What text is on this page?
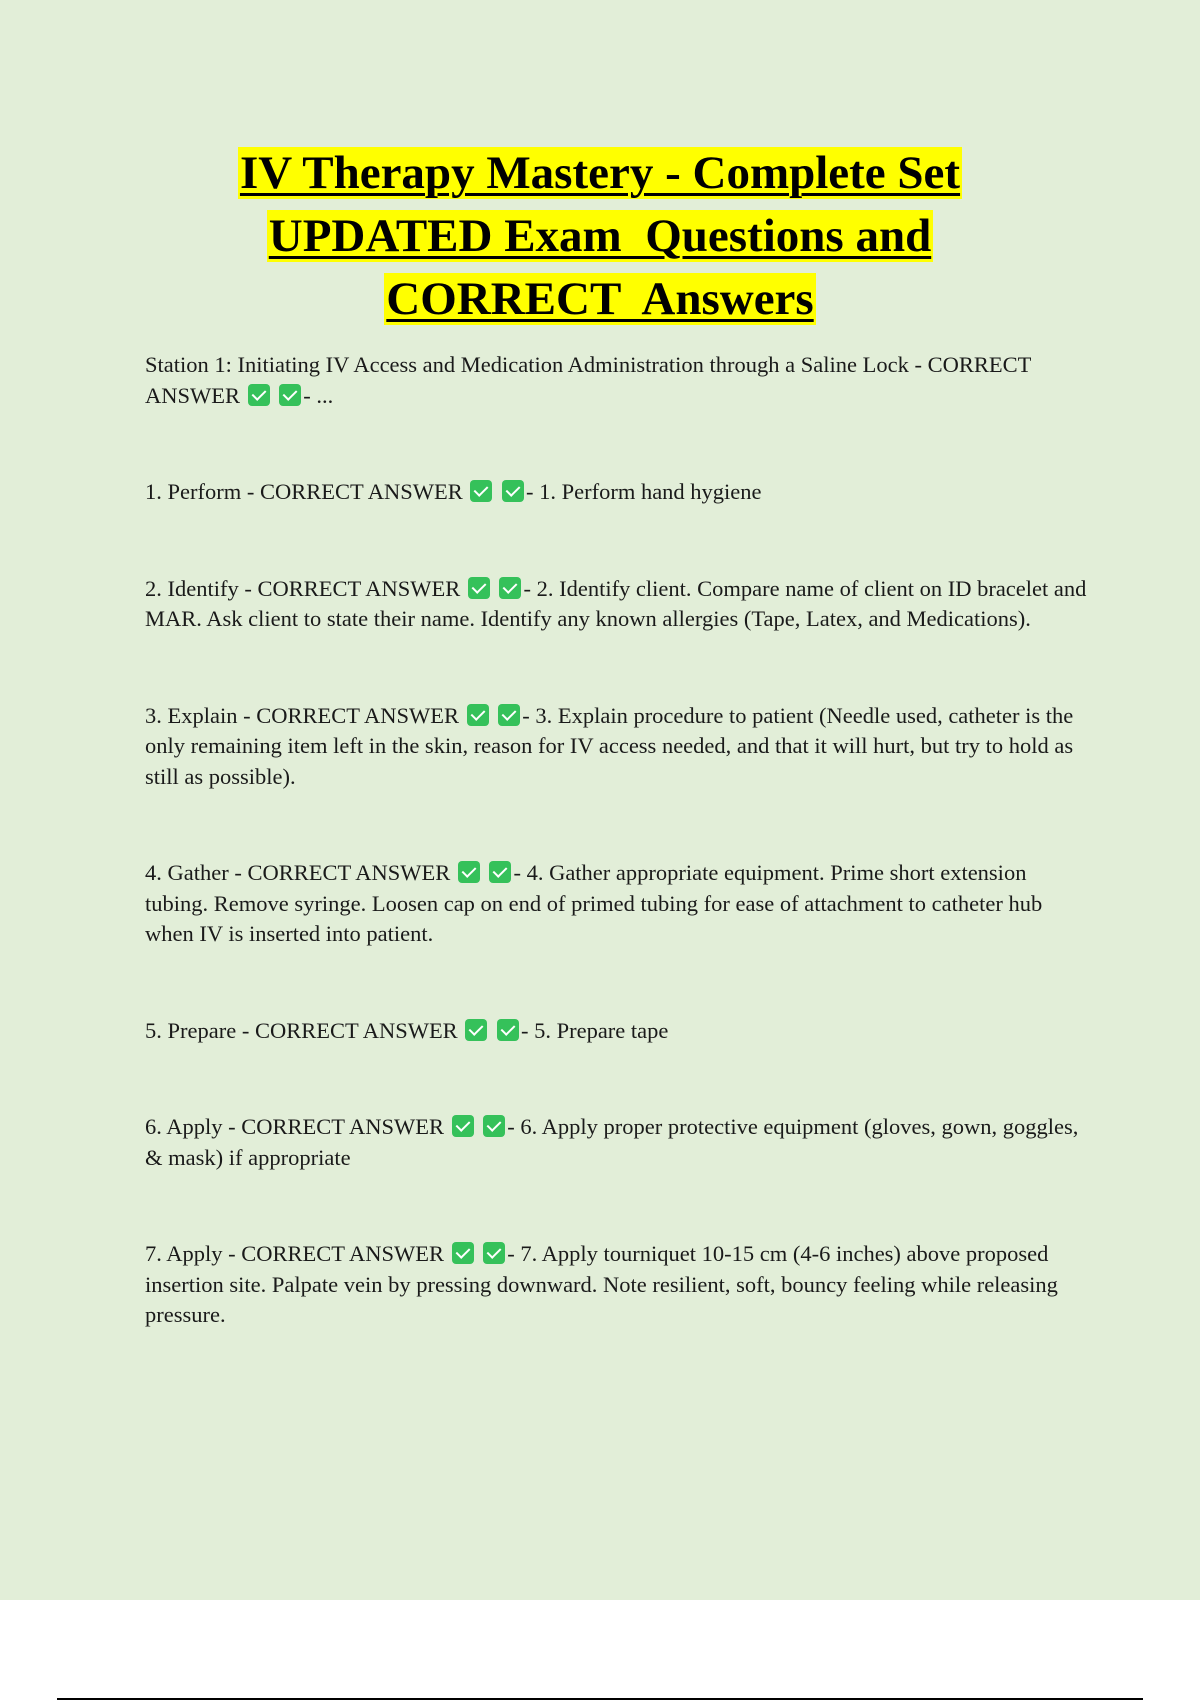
IV Therapy Mastery - Complete Set
UPDATED Exam  Questions and
CORRECT  Answers

Station 1: Initiating IV Access and Medication Administration through a Saline Lock - CORRECT ANSWER	- ...

1. Perform - CORRECT ANSWER	- 1. Perform hand hygiene

2. Identify - CORRECT ANSWER	- 2. Identify client. Compare name of client on ID bracelet and MAR. Ask client to state their name. Identify any known allergies (Tape, Latex, and Medications).

3. Explain - CORRECT ANSWER	- 3. Explain procedure to patient (Needle used, catheter is the only remaining item left in the skin, reason for IV access needed, and that it will hurt, but try to hold as still as possible).

4. Gather - CORRECT ANSWER	- 4. Gather appropriate equipment. Prime short extension tubing. Remove syringe. Loosen cap on end of primed tubing for ease of attachment to catheter hub when IV is inserted into patient.

5. Prepare - CORRECT ANSWER	- 5. Prepare tape

6. Apply - CORRECT ANSWER	- 6. Apply proper protective equipment (gloves, gown, goggles, & mask) if appropriate

7. Apply - CORRECT ANSWER	- 7. Apply tourniquet 10-15 cm (4-6 inches) above proposed insertion site. Palpate vein by pressing downward. Note resilient, soft, bouncy feeling while releasing pressure.
